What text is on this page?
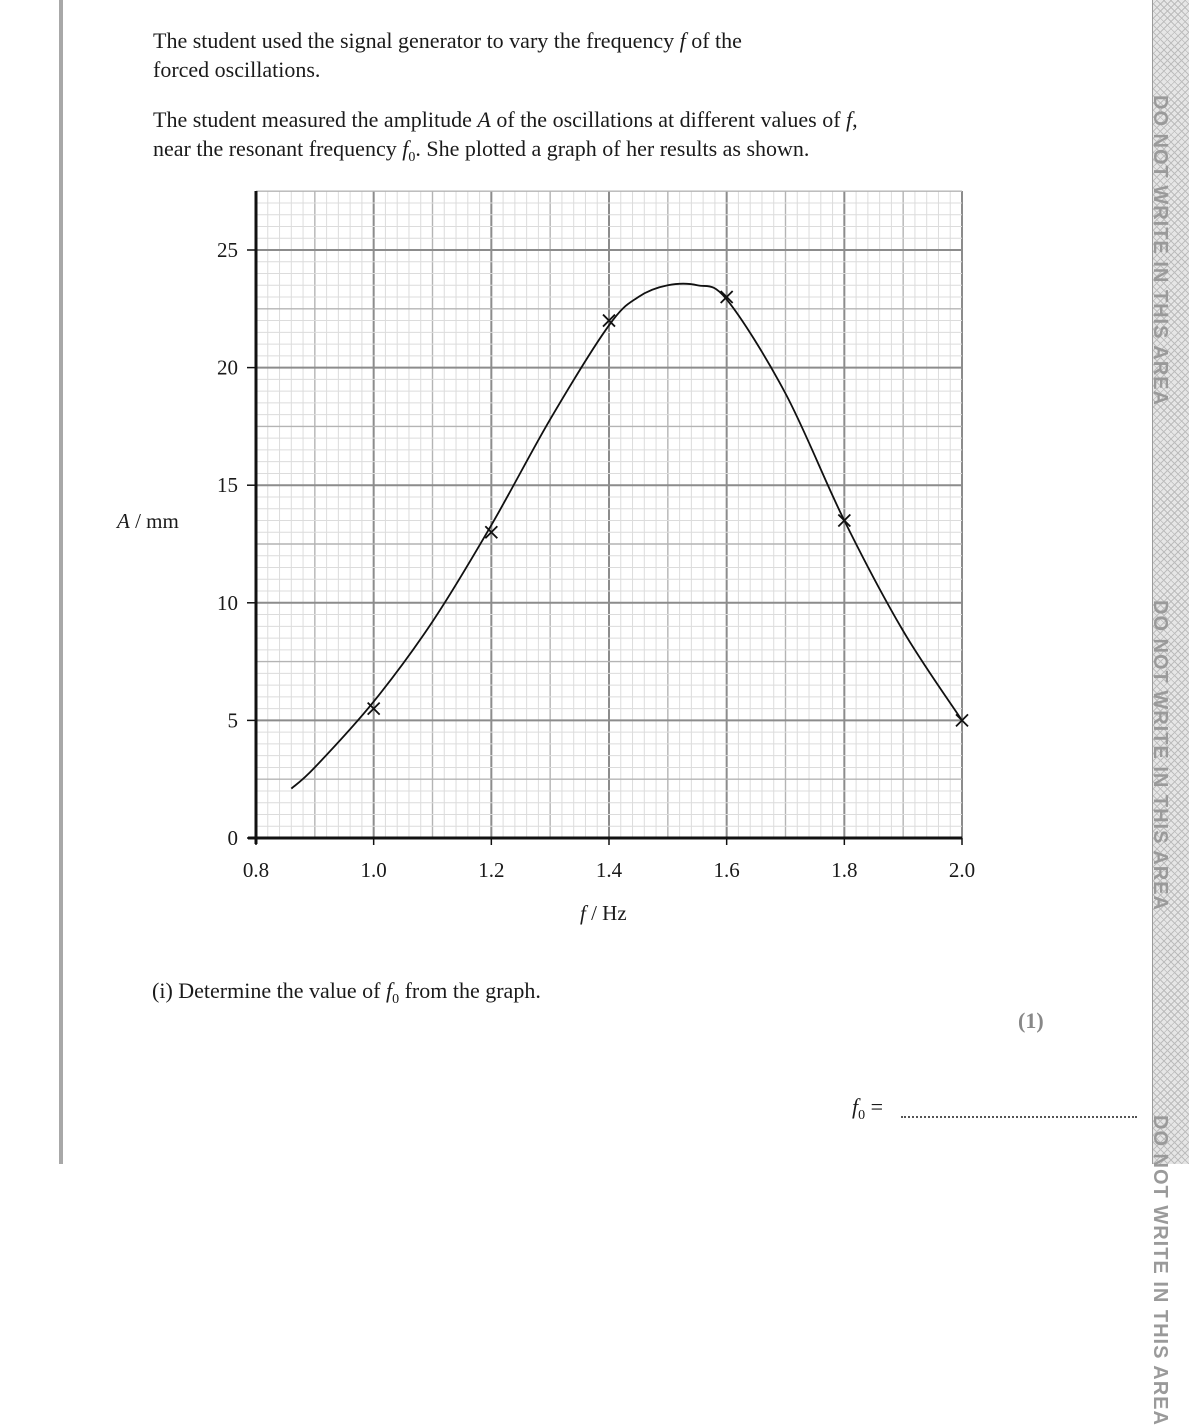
The student used the signal generator to vary the frequency f of the
forced oscillations.

The student measured the amplitude A of the oscillations at different values of f,
near the resonant frequency $f_0$. She plotted a graph of her results as shown.

0.8	1.0	1.2	1.4	1.6	1.8	2.0
0
5
10
15
20
25
A / mm
f / Hz
(i) Determine the value of $f_0$ from the graph.
(1)
$f_0$ =
DO NOT WRITE IN THIS AREA
DO NOT WRITE IN THIS AREA
DO NOT WRITE IN THIS AREA
